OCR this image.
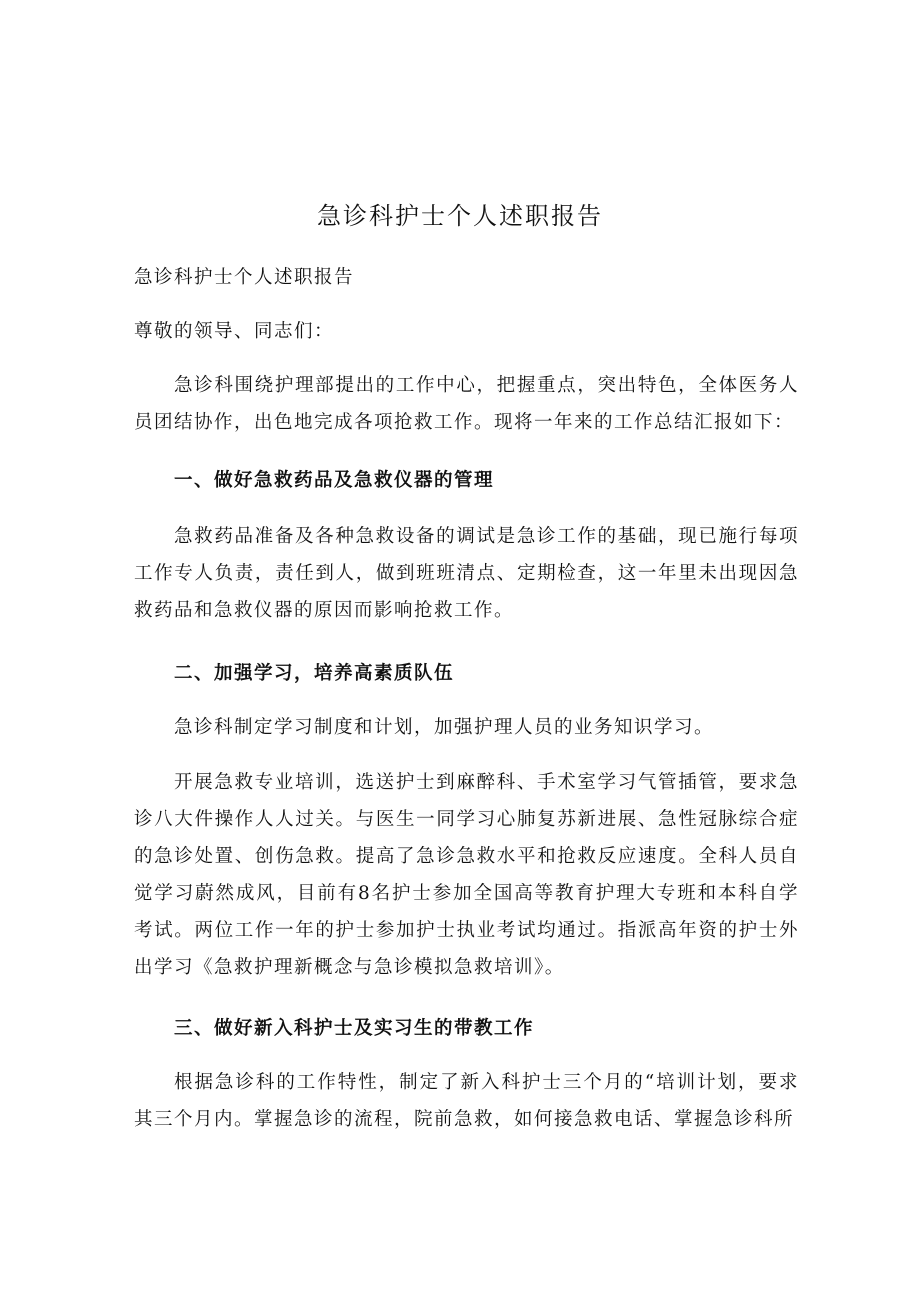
急诊科护士个人述职报告

急诊科护士个人述职报告

尊敬的领导、同志们：

急诊科围绕护理部提出的工作中心，把握重点，突出特色，全体医务人员团结协作，出色地完成各项抢救工作。现将一年来的工作总结汇报如下：

一、做好急救药品及急救仪器的管理

急救药品准备及各种急救设备的调试是急诊工作的基础，现已施行每项工作专人负责，责任到人，做到班班清点、定期检查，这一年里未出现因急救药品和急救仪器的原因而影响抢救工作。

二、加强学习，培养高素质队伍

急诊科制定学习制度和计划，加强护理人员的业务知识学习。

开展急救专业培训，选送护士到麻醉科、手术室学习气管插管，要求急诊八大件操作人人过关。与医生一同学习心肺复苏新进展、急性冠脉综合症的急诊处置、创伤急救。提高了急诊急救水平和抢救反应速度。全科人员自觉学习蔚然成风，目前有8名护士参加全国高等教育护理大专班和本科自学考试。两位工作一年的护士参加护士执业考试均通过。指派高年资的护士外出学习《急救护理新概念与急诊模拟急救培训》。

三、做好新入科护士及实习生的带教工作

根据急诊科的工作特性，制定了新入科护士三个月的“培训计划，要求其三个月内。掌握急诊的流程，院前急救，如何接急救电话、掌握急诊科所
